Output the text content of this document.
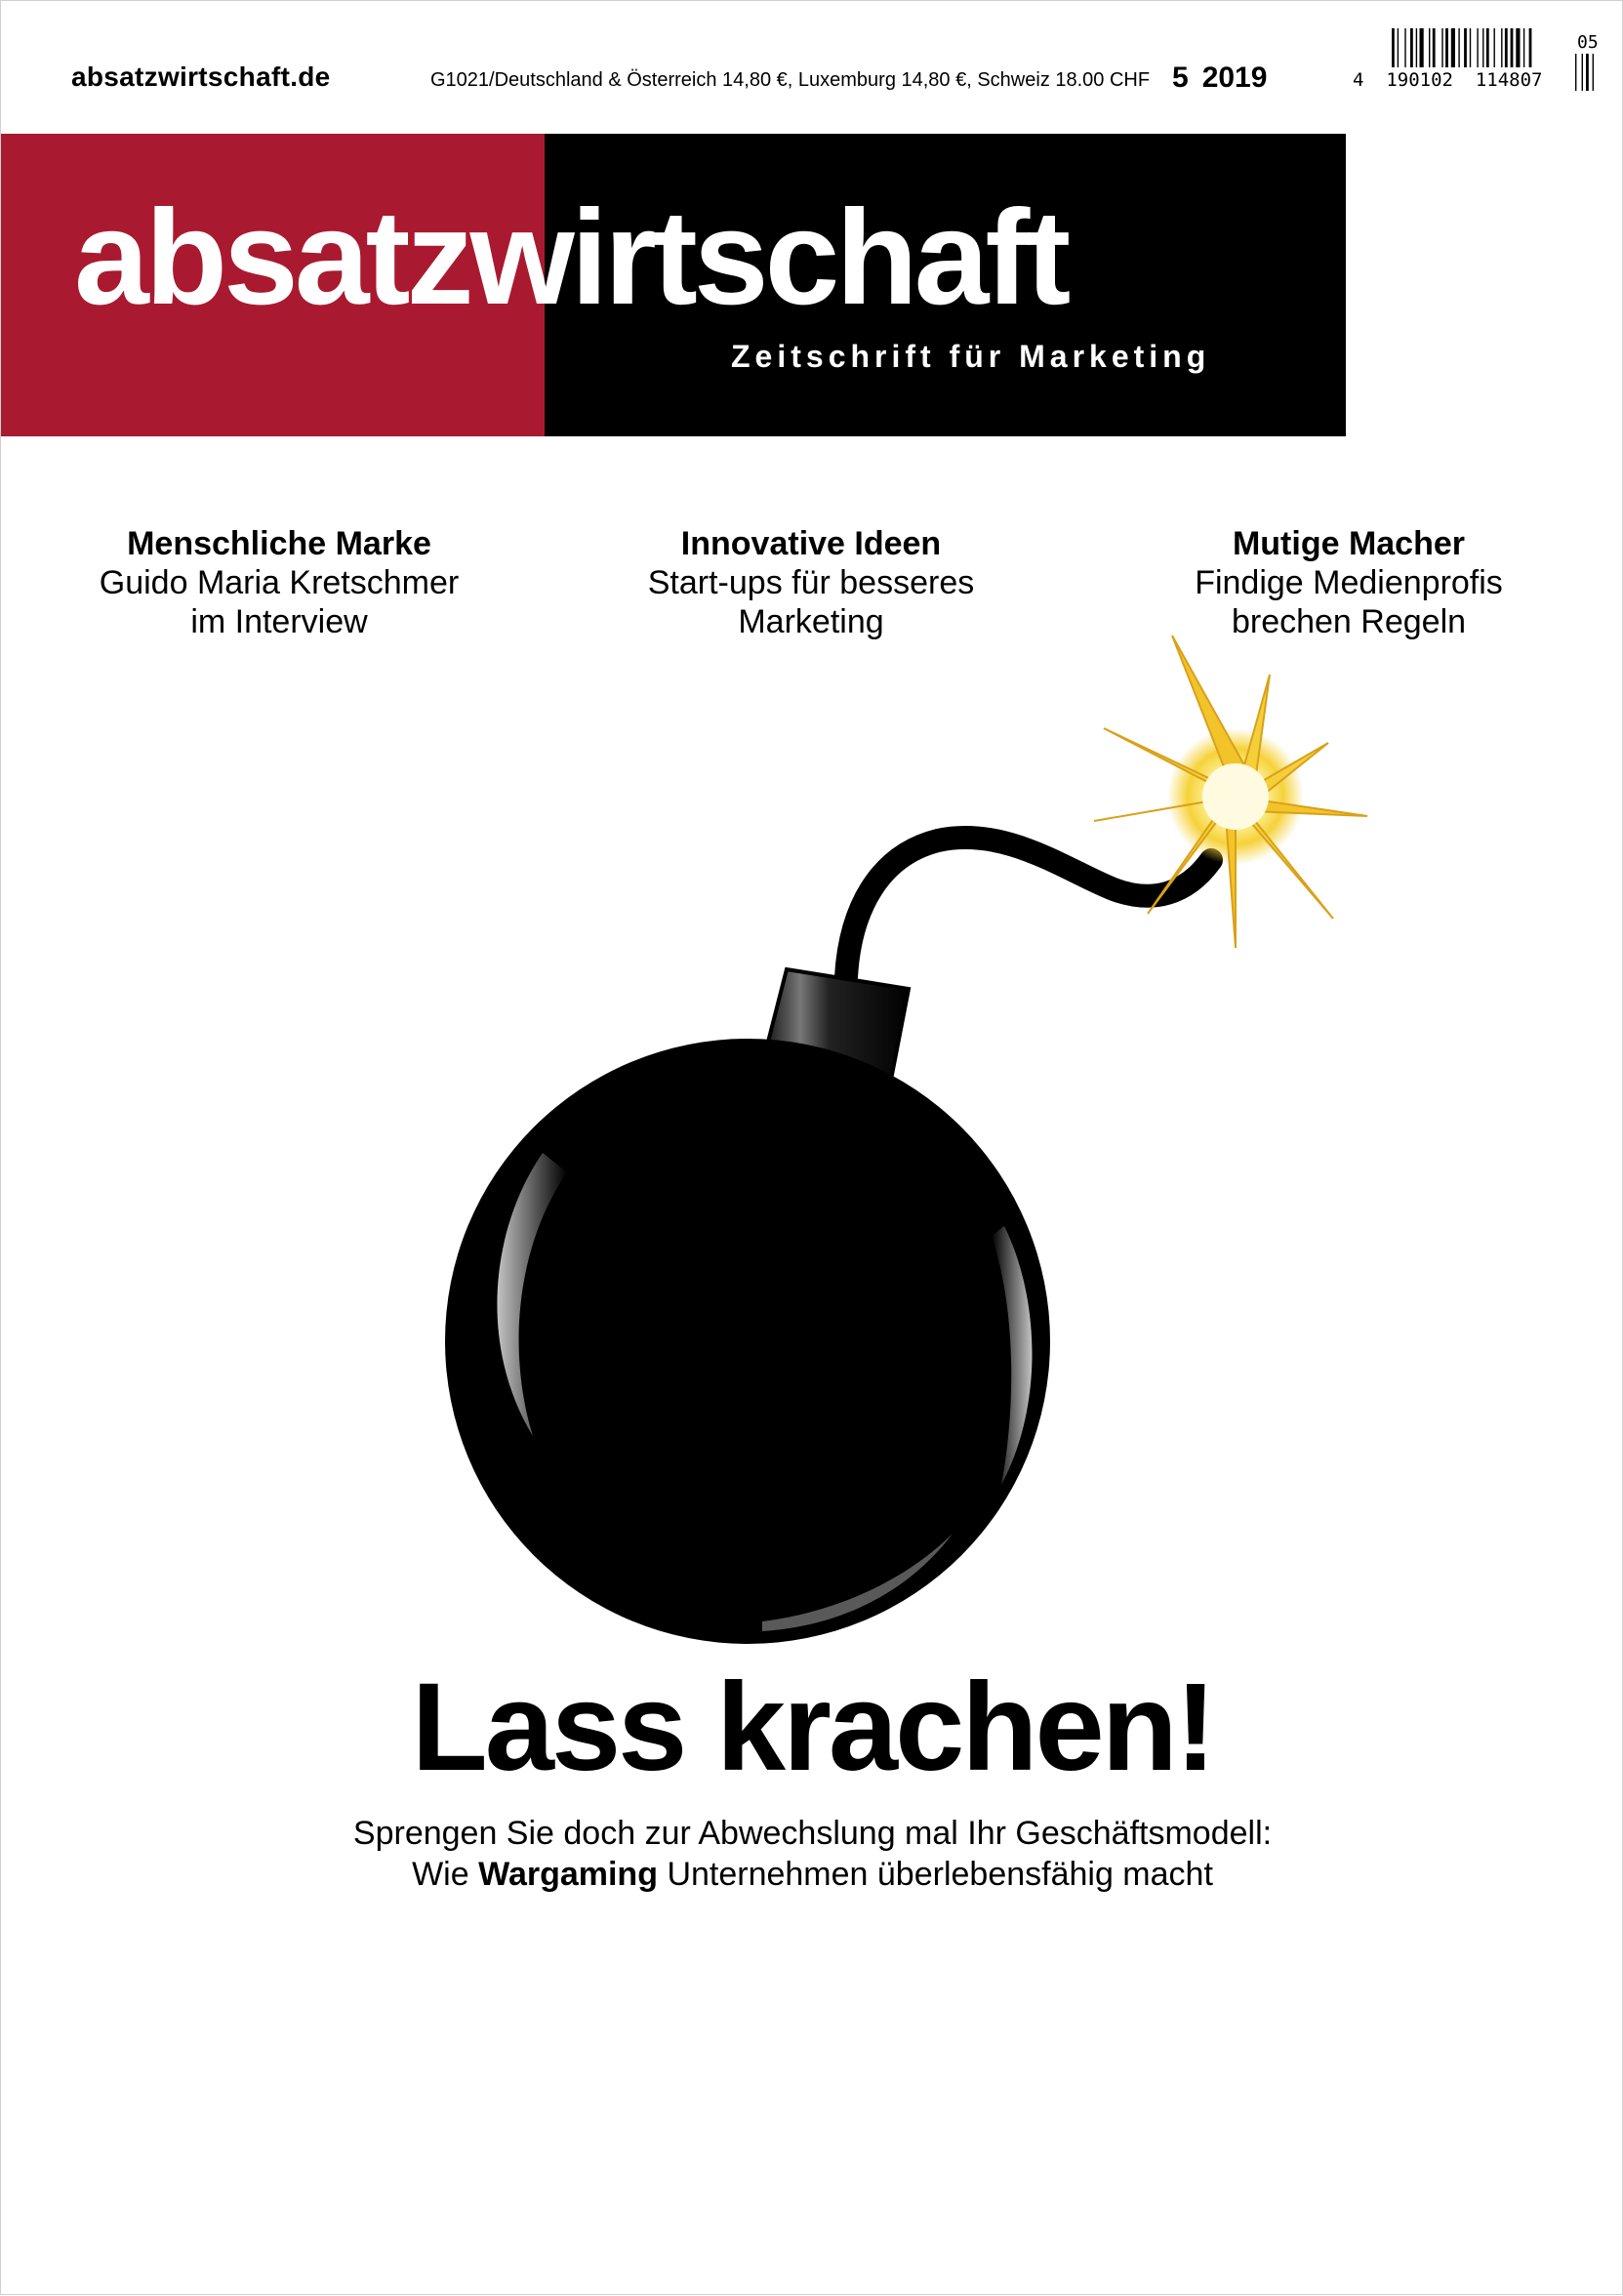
absatzwirtschaft.de	G1021/Deutschland & Österreich 14,80 €, Luxemburg 14,80 €, Schweiz 18.00 CHF 5 2019	4  190102  114807
05
absatzwirtschaft
Zeitschrift für Marketing
Menschliche Marke
Guido Maria Kretschmer
im Interview
Innovative Ideen
Start-ups für besseres
Marketing
Mutige Macher
Findige Medienprofis
brechen Regeln
Lass krachen!
Sprengen Sie doch zur Abwechslung mal Ihr Geschäftsmodell:
Wie Wargaming Unternehmen überlebensfähig macht
